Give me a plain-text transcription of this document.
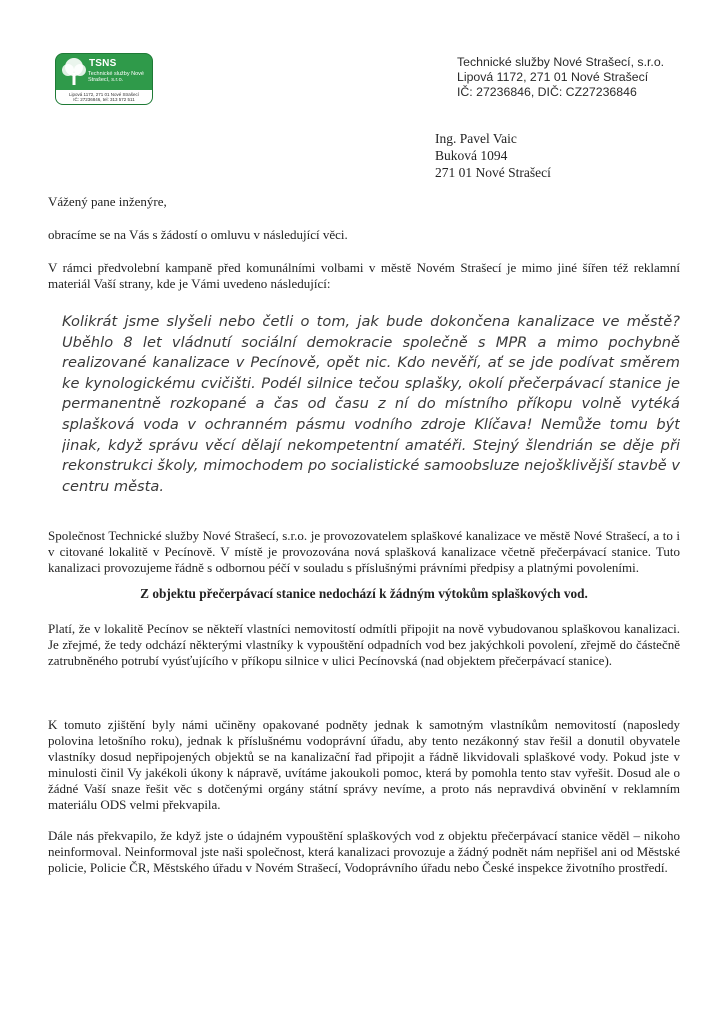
TSNS
Technické služby Nové Strašecí, s.r.o.
Lipová 1172, 271 01 Nové Strašecí
IČ: 27236846, tel: 313 572 511
Technické služby Nové Strašecí, s.r.o.
Lipová 1172, 271 01 Nové Strašecí
IČ: 27236846, DIČ: CZ27236846
Ing. Pavel Vaic
Buková 1094
271 01 Nové Strašecí
Vážený pane inženýre,
obracíme se na Vás s žádostí o omluvu v následující věci.
V rámci předvolební kampaně před komunálními volbami v městě Novém Strašecí je mimo jiné šířen též reklamní materiál Vaší strany, kde je Vámi uvedeno následující:
Kolikrát jsme slyšeli nebo četli o tom, jak bude dokončena kanalizace ve městě? Uběhlo 8 let vládnutí sociální demokracie společně s MPR a mimo pochybně realizované kanalizace v Pecínově, opět nic. Kdo nevěří, ať se jde podívat směrem ke kynologickému cvičišti. Podél silnice tečou splašky, okolí přečerpávací stanice je permanentně rozkopané a čas od času z ní do místního příkopu volně vytéká splašková voda v ochranném pásmu vodního zdroje Klíčava! Nemůže tomu být jinak, když správu věcí dělají nekompetentní amatéři. Stejný šlendrián se děje při rekonstrukci školy, mimochodem po socialistické samoobsluze nejošklivější stavbě v centru města.
Společnost Technické služby Nové Strašecí, s.r.o. je provozovatelem splaškové kanalizace ve městě Nové Strašecí, a to i v citované lokalitě v Pecínově. V místě je provozována nová splašková kanalizace včetně přečerpávací stanice. Tuto kanalizaci provozujeme řádně s odbornou péčí v souladu s příslušnými právními předpisy a platnými povoleními.
Z objektu přečerpávací stanice nedochází k žádným výtokům splaškových vod.
Platí, že v lokalitě Pecínov se někteří vlastníci nemovitostí odmítli připojit na nově vybudovanou splaškovou kanalizaci. Je zřejmé, že tedy odchází některými vlastníky k vypouštění odpadních vod bez jakýchkoli povolení, zřejmě do částečně zatrubněného potrubí vyúsťujícího v příkopu silnice v ulici Pecínovská (nad objektem přečerpávací stanice).
K tomuto zjištění byly námi učiněny opakované podněty jednak k samotným vlastníkům nemovitostí (naposledy polovina letošního roku), jednak k příslušnému vodoprávní úřadu, aby tento nezákonný stav řešil a donutil obyvatele vlastníky dosud nepřipojených objektů se na kanalizační řad připojit a řádně likvidovali splaškové vody. Pokud jste v minulosti činil Vy jakékoli úkony k nápravě, uvítáme jakoukoli pomoc, která by pomohla tento stav vyřešit. Dosud ale o žádné Vaší snaze řešit věc s dotčenými orgány státní správy nevíme, a proto nás nepravdivá obvinění v reklamním materiálu ODS velmi překvapila.
Dále nás překvapilo, že když jste o údajném vypouštění splaškových vod z objektu přečerpávací stanice věděl – nikoho neinformoval. Neinformoval jste naši společnost, která kanalizaci provozuje a žádný podnět nám nepřišel ani od Městské policie, Policie ČR, Městského úřadu v Novém Strašecí, Vodoprávního úřadu nebo České inspekce životního prostředí.
